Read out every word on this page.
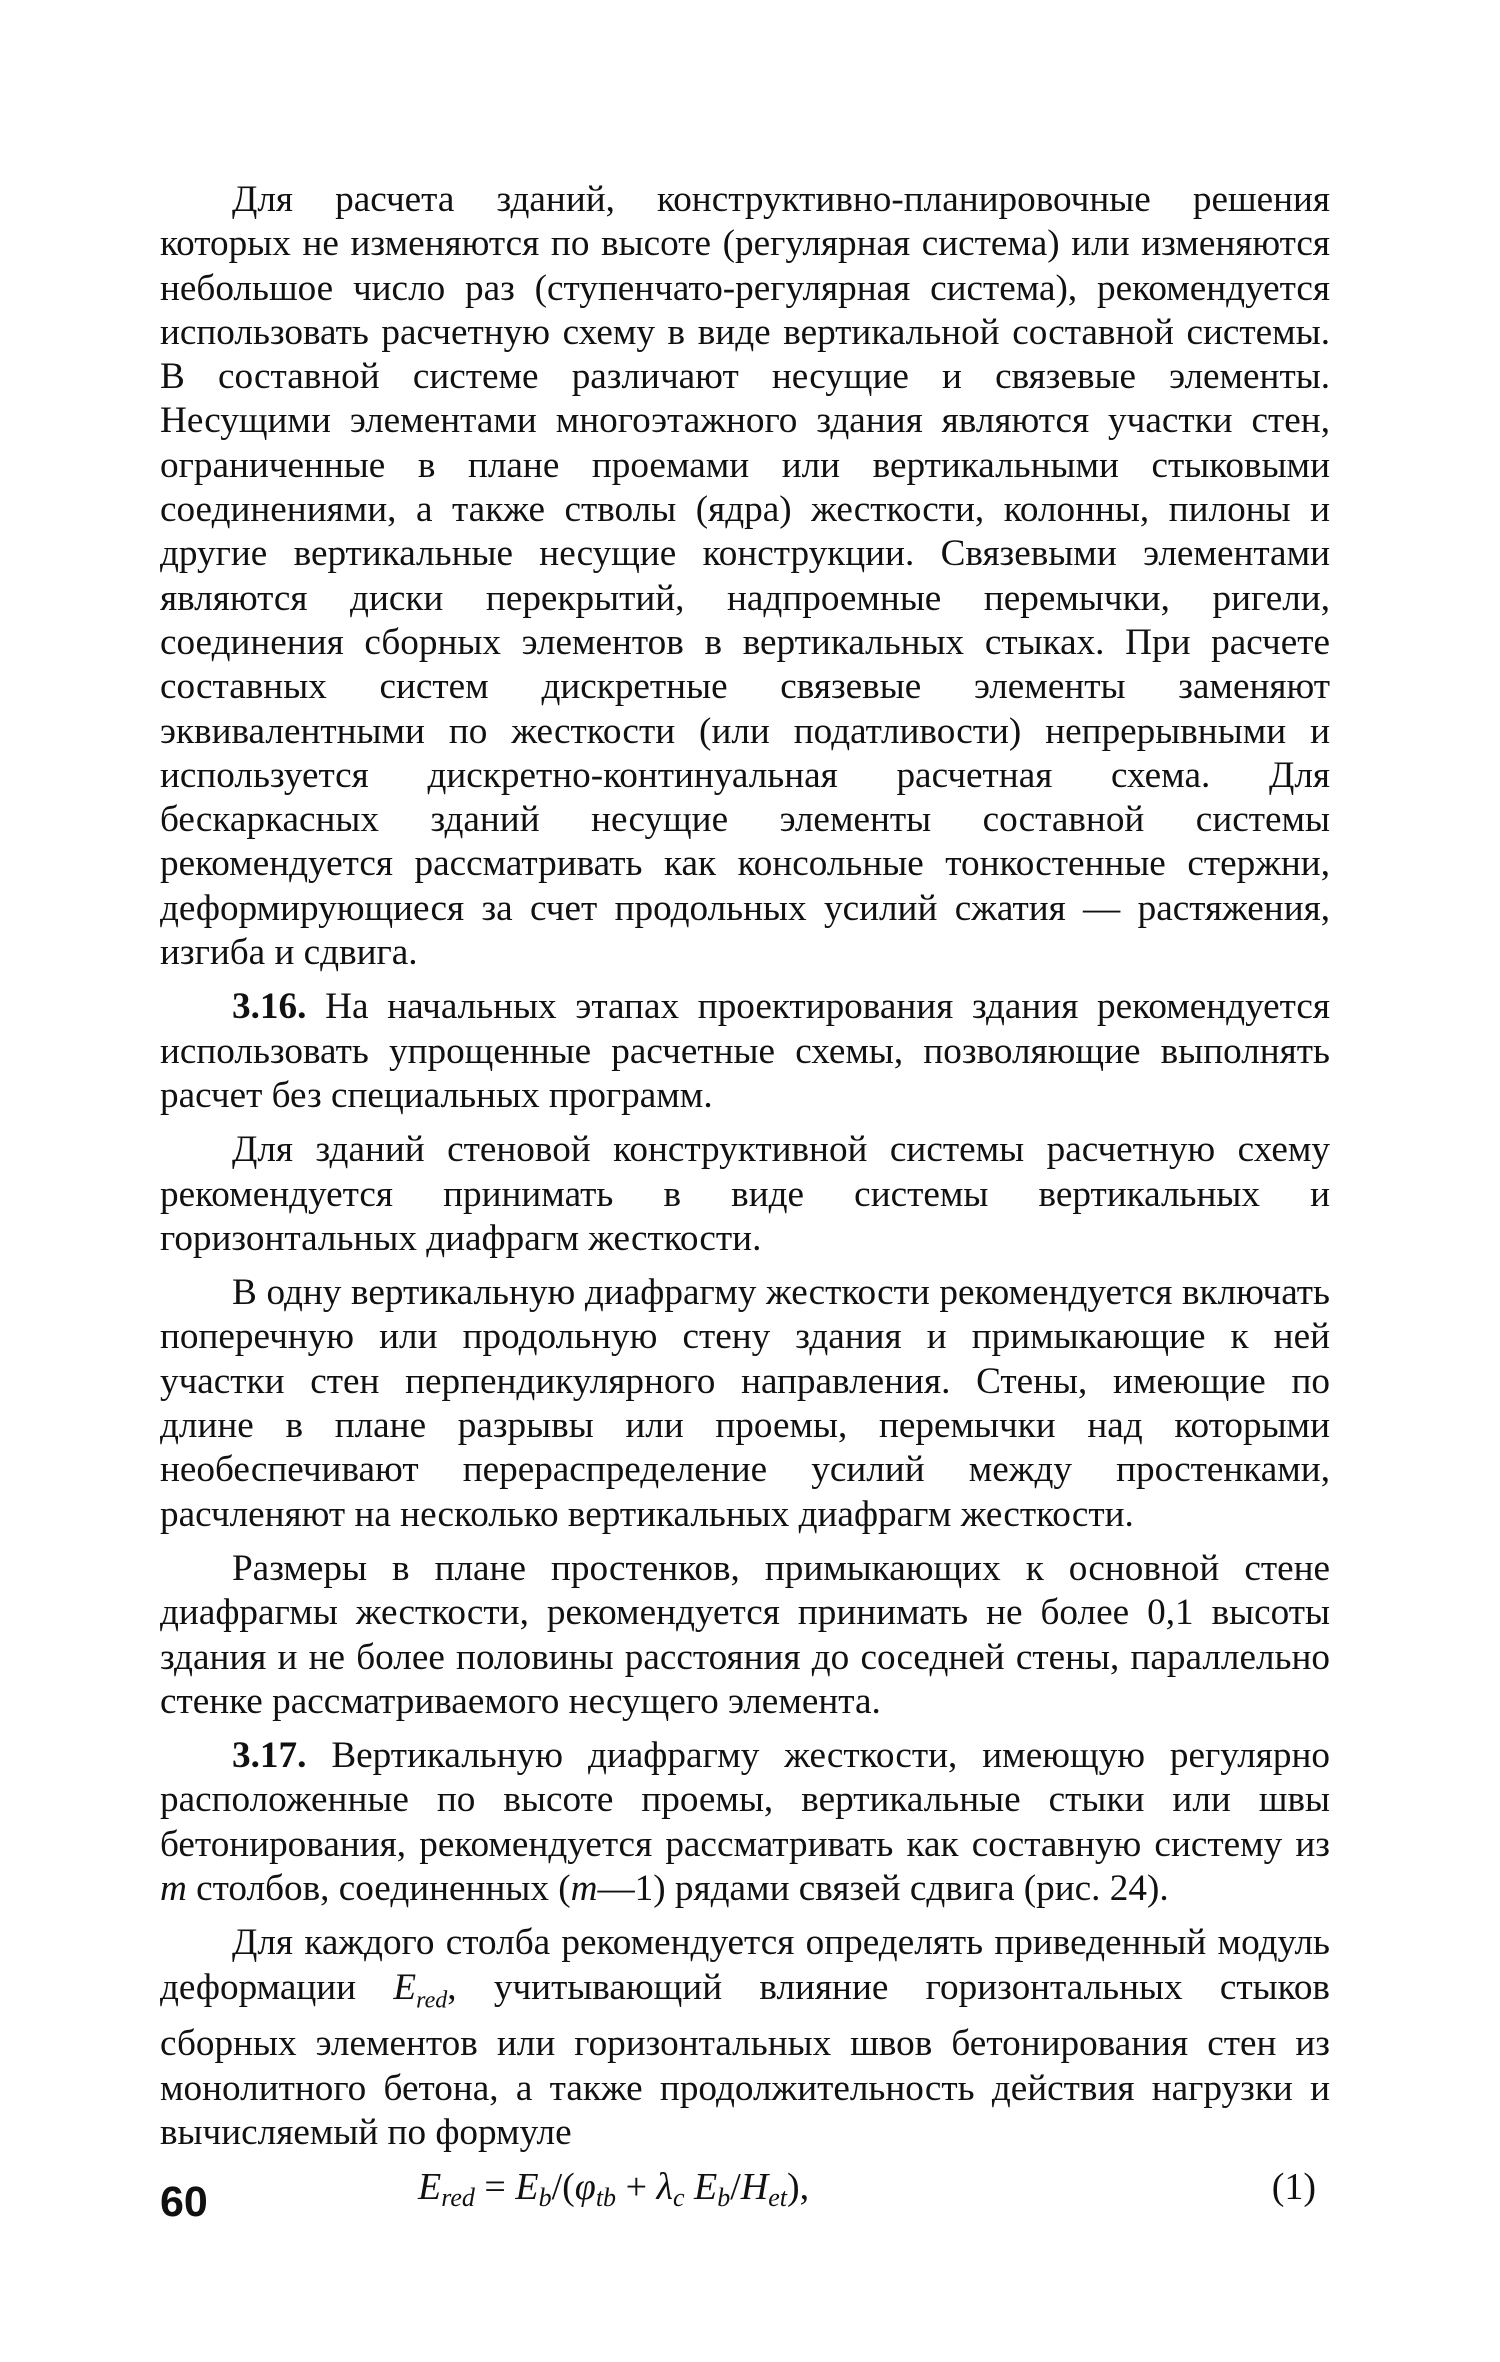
Для расчета зданий, конструктивно-планировочные решения которых не изменяются по высоте (регулярная система) или изменяются небольшое число раз (ступенчато-регулярная система), рекомендуется использовать расчетную схему в виде вертикальной составной системы. В составной системе различают несущие и связевые элементы. Несущими элементами многоэтажного здания являются участки стен, ограниченные в плане проемами или вертикальными стыковыми соединениями, а также стволы (ядра) жесткости, колонны, пилоны и другие вертикальные несущие конструкции. Связевыми элементами являются диски перекрытий, надпроемные перемычки, ригели, соединения сборных элементов в вертикальных стыках. При расчете составных систем дискретные связевые элементы заменяют эквивалентными по жесткости (или податливости) непрерывными и используется дискретно-континуальная расчетная схема. Для бескаркасных зданий несущие элементы составной системы рекомендуется рассматривать как консольные тонкостенные стержни, деформирующиеся за счет продольных усилий сжатия — растяжения, изгиба и сдвига.

3.16. На начальных этапах проектирования здания рекомендуется использовать упрощенные расчетные схемы, позволяющие выполнять расчет без специальных программ.

Для зданий стеновой конструктивной системы расчетную схему рекомендуется принимать в виде системы вертикальных и горизонтальных диафрагм жесткости.

В одну вертикальную диафрагму жесткости рекомендуется включать поперечную или продольную стену здания и примыкающие к ней участки стен перпендикулярного направления. Стены, имеющие по длине в плане разрывы или проемы, перемычки над которыми необеспечивают перераспределение усилий между простенками, расчленяют на несколько вертикальных диафрагм жесткости.

Размеры в плане простенков, примыкающих к основной стене диафрагмы жесткости, рекомендуется принимать не более 0,1 высоты здания и не более половины расстояния до соседней стены, параллельно стенке рассматриваемого несущего элемента.

3.17. Вертикальную диафрагму жесткости, имеющую регулярно расположенные по высоте проемы, вертикальные стыки или швы бетонирования, рекомендуется рассматривать как составную систему из m столбов, соединенных (m—1) рядами связей сдвига (рис. 24).

Для каждого столба рекомендуется определять приведенный модуль деформации $E_{red}$, учитывающий влияние горизонтальных стыков сборных элементов или горизонтальных швов бетонирования стен из монолитного бетона, а также продолжительность действия нагрузки и вычисляемый по формуле

$E_{red} = E_b/(\varphi_{tb} + \lambda_c$ $E_b/H_{et}$),	(1)
60
